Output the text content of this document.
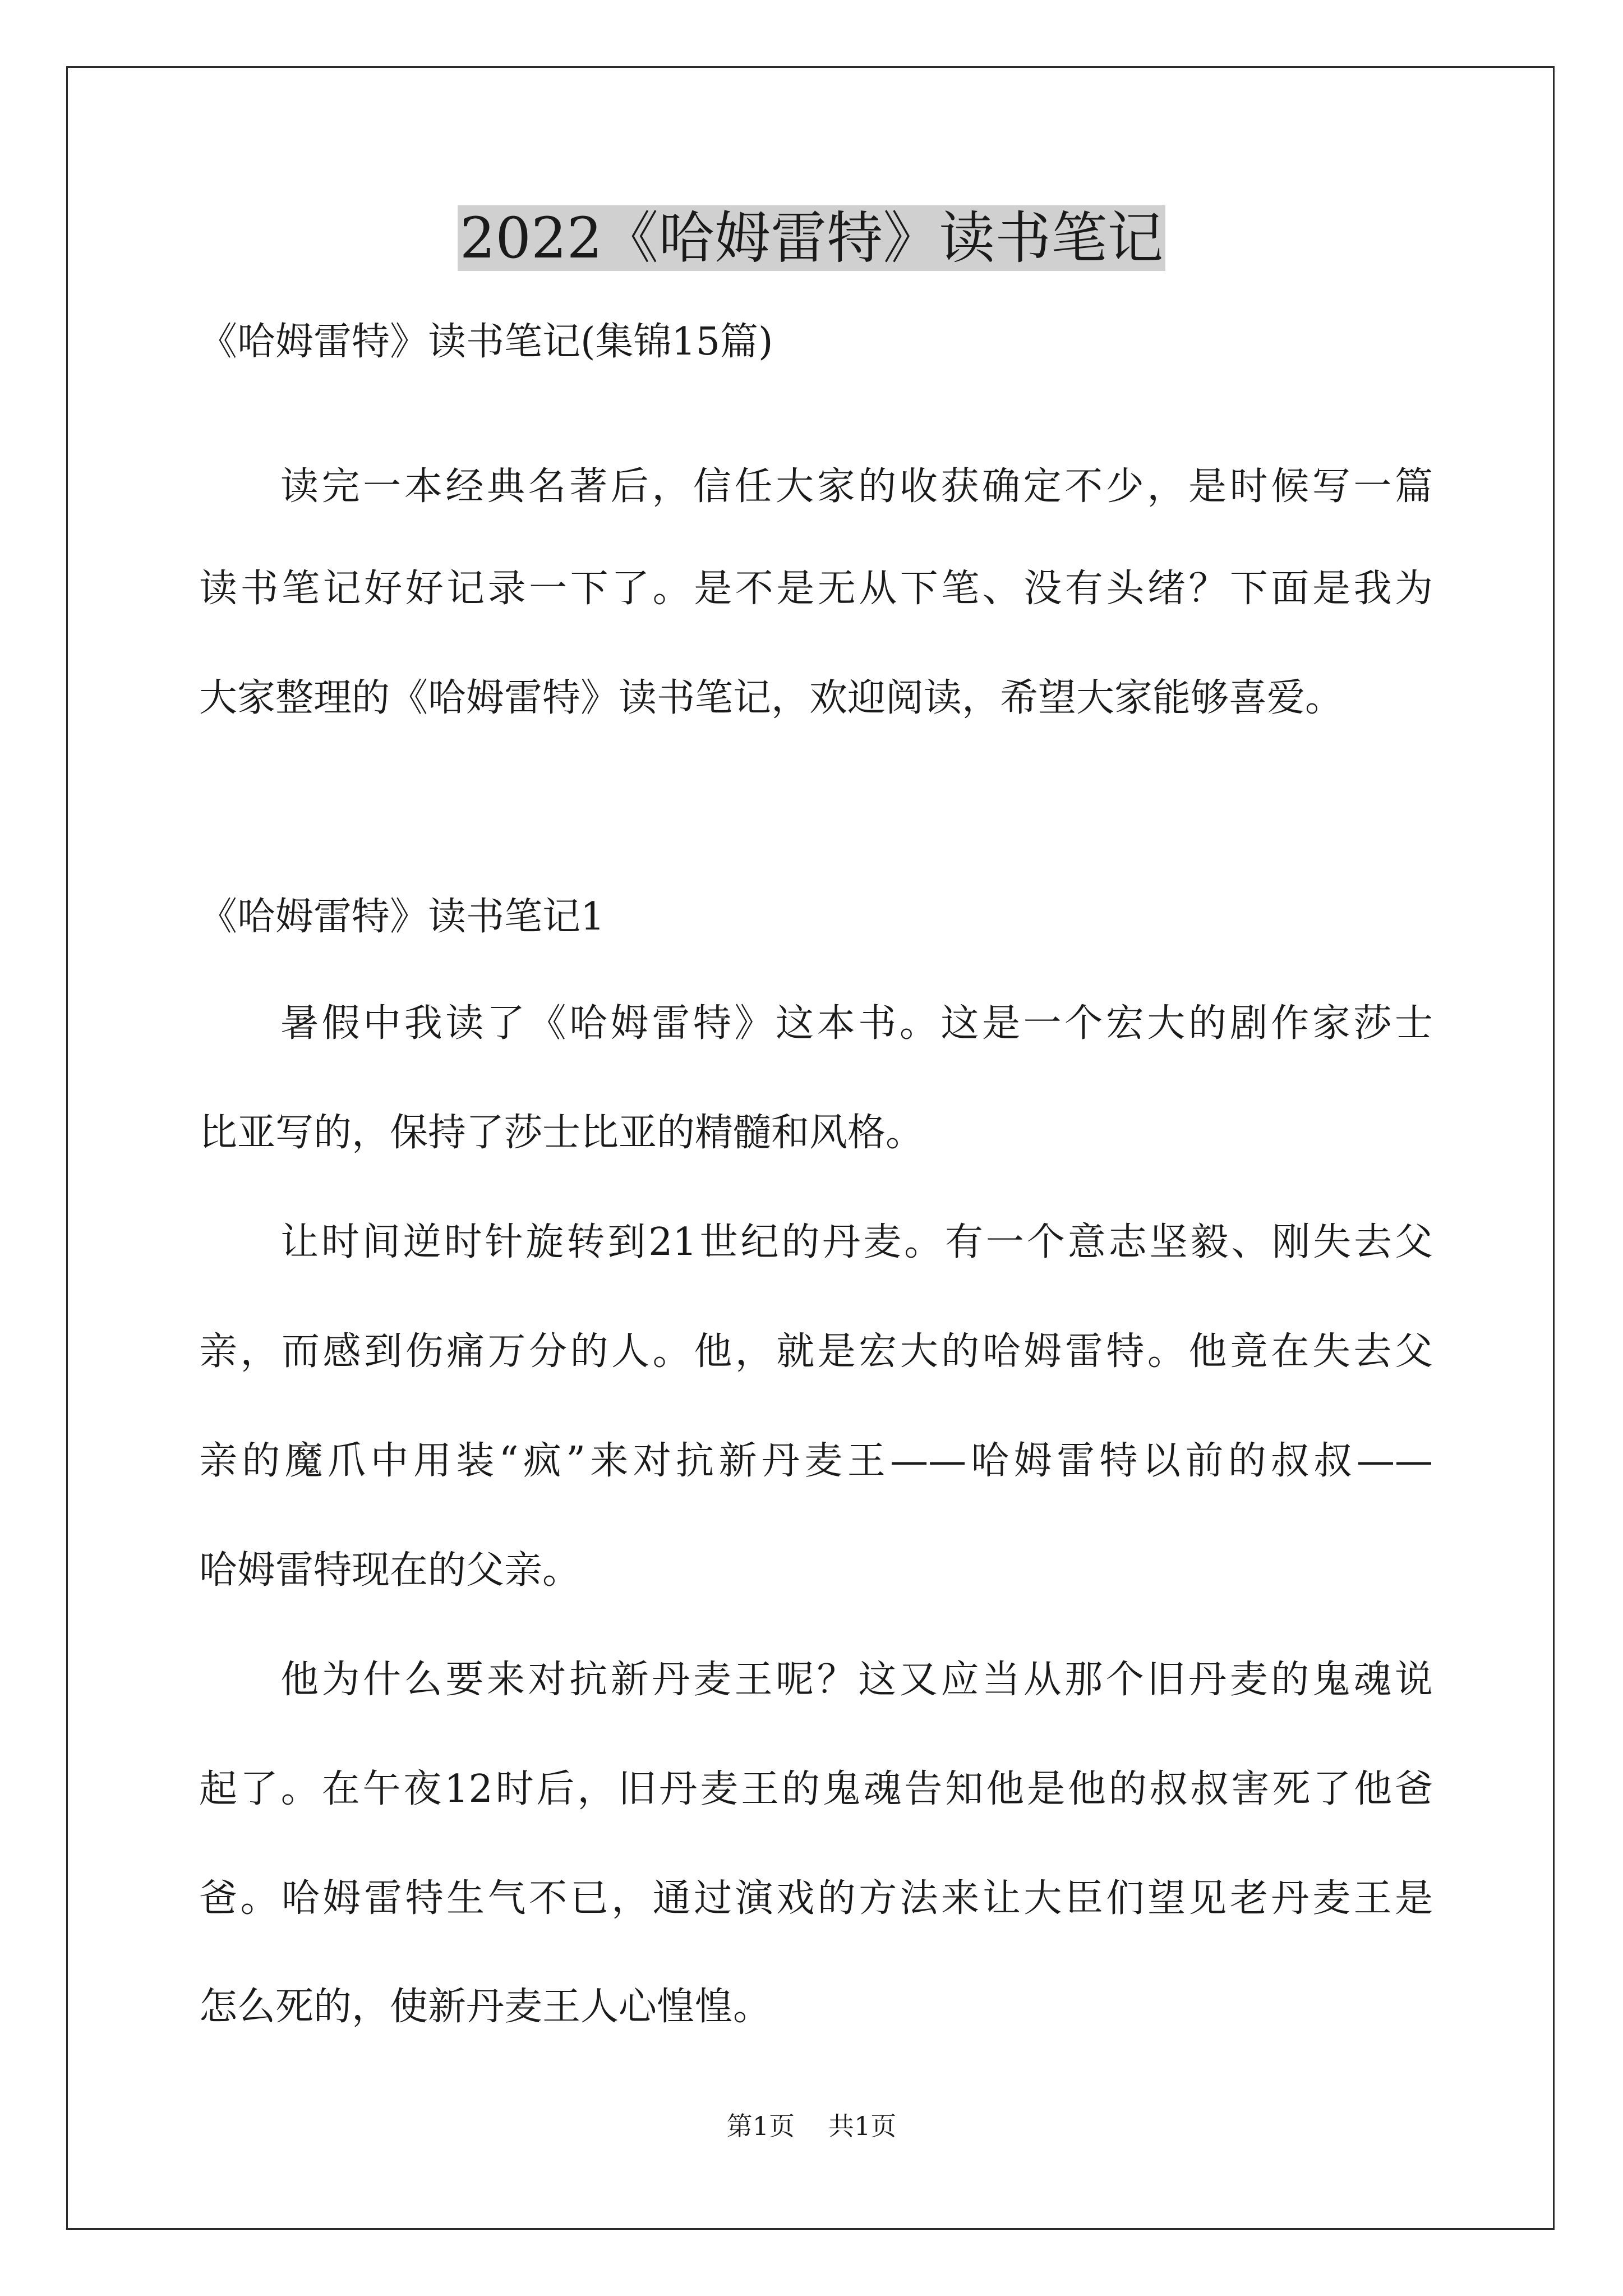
2022《哈姆雷特》读书笔记
《哈姆雷特》读书笔记(集锦15篇)
读完一本经典名著后，信任大家的收获确定不少，是时候写一篇
读书笔记好好记录一下了。是不是无从下笔、没有头绪？下面是我为
大家整理的《哈姆雷特》读书笔记，欢迎阅读，希望大家能够喜爱。
《哈姆雷特》读书笔记1
暑假中我读了《哈姆雷特》这本书。这是一个宏大的剧作家莎士
比亚写的，保持了莎士比亚的精髓和风格。
让时间逆时针旋转到21世纪的丹麦。有一个意志坚毅、刚失去父
亲，而感到伤痛万分的人。他，就是宏大的哈姆雷特。他竟在失去父
亲的魔爪中用装“疯”来对抗新丹麦王——哈姆雷特以前的叔叔——
哈姆雷特现在的父亲。
他为什么要来对抗新丹麦王呢？这又应当从那个旧丹麦的鬼魂说
起了。在午夜12时后，旧丹麦王的鬼魂告知他是他的叔叔害死了他爸
爸。哈姆雷特生气不已，通过演戏的方法来让大臣们望见老丹麦王是
怎么死的，使新丹麦王人心惶惶。
第1页 共1页
